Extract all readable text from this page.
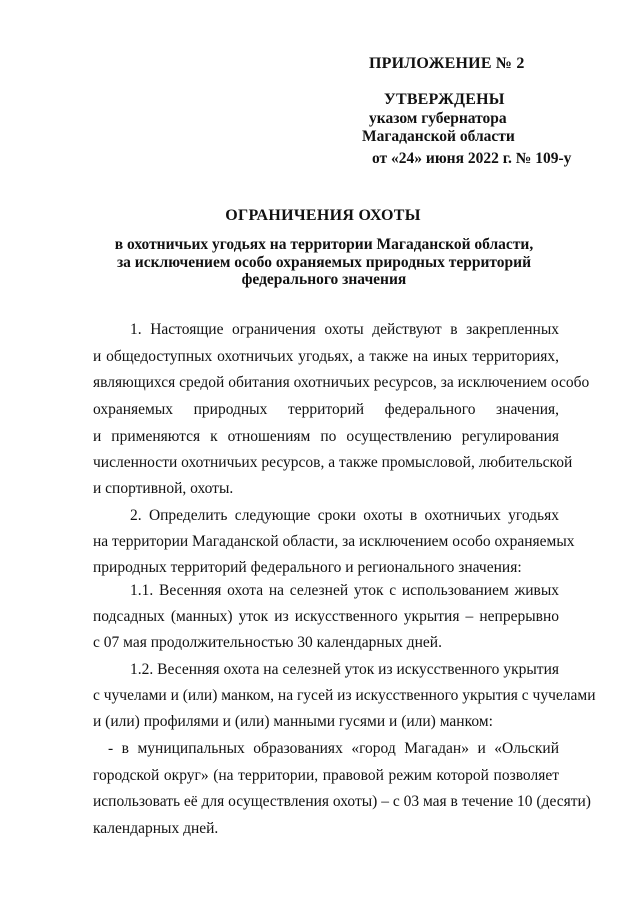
ПРИЛОЖЕНИЕ № 2
УТВЕРЖДЕНЫ
указом губернатора
Магаданской области
от «24» июня 2022 г. № 109-у
ОГРАНИЧЕНИЯ ОХОТЫ
в охотничьих угодьях на территории Магаданской области,
за исключением особо охраняемых природных территорий
федерального значения
1. Настоящие ограничения охоты действуют в закрепленных
и общедоступных охотничьих угодьях, а также на иных территориях,
являющихся средой обитания охотничьих ресурсов, за исключением особо
охраняемых природных территорий федерального значения,
и применяются к отношениям по осуществлению регулирования
численности охотничьих ресурсов, а также промысловой, любительской
и спортивной, охоты.
2. Определить следующие сроки охоты в охотничьих угодьях
на территории Магаданской области, за исключением особо охраняемых
природных территорий федерального и регионального значения:
1.1. Весенняя охота на селезней уток с использованием живых
подсадных (манных) уток из искусственного укрытия – непрерывно
с 07 мая продолжительностью 30 календарных дней.
1.2. Весенняя охота на селезней уток из искусственного укрытия
с чучелами и (или) манком, на гусей из искусственного укрытия с чучелами
и (или) профилями и (или) манными гусями и (или) манком:
- в муниципальных образованиях «город Магадан» и «Ольский
городской округ» (на территории, правовой режим которой позволяет
использовать её для осуществления охоты) – с 03 мая в течение 10 (десяти)
календарных дней.
